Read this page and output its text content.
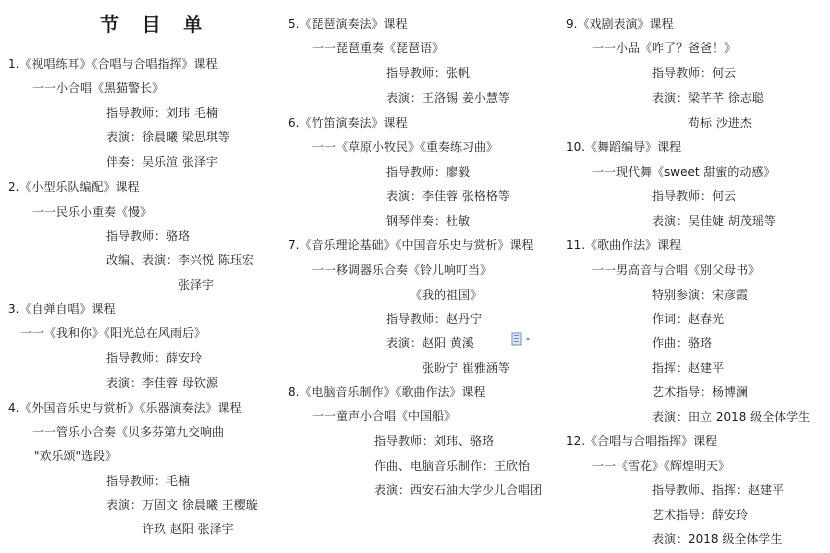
节 目 单
1.《视唱练耳》《合唱与合唱指挥》课程
一一小合唱《黑猫警长》
指导教师：刘玮 毛楠
表演：徐晨曦 梁思琪等
伴奏：吴乐渲 张泽宇
2.《小型乐队编配》课程
一一民乐小重奏《慢》
指导教师：骆珞
改编、表演：李兴悦 陈珏宏
张泽宇
3.《自弹自唱》课程
一一《我和你》《阳光总在风雨后》
指导教师：薛安玲
表演：李佳蓉 母钦源
4.《外国音乐史与赏析》《乐器演奏法》课程
一一管乐小合奏《贝多芬第九交响曲
"欢乐颂"选段》
指导教师：毛楠
表演：万固文 徐晨曦 王樱璇
许玖 赵阳 张泽宇
5.《琵琶演奏法》课程
一一琵琶重奏《琵琶语》
指导教师：张帆
表演：王洛锡 姜小慧等
6.《竹笛演奏法》课程
一一《草原小牧民》《重奏练习曲》
指导教师：廖毅
表演：李佳蓉 张格格等
钢琴伴奏：杜敏
7.《音乐理论基础》《中国音乐史与赏析》课程
一一移调器乐合奏《铃儿响叮当》
《我的祖国》
指导教师：赵丹宁
表演：赵阳 黄溪
张盼宁 崔雅涵等
8.《电脑音乐制作》《歌曲作法》课程
一一童声小合唱《中国船》
指导教师：刘玮、骆珞
作曲、电脑音乐制作：王欣怡
表演：西安石油大学少儿合唱团
9.《戏剧表演》课程
一一小品《咋了？爸爸！》
指导教师：何云
表演：梁芊芊 徐志聪
苟标 沙进杰
10.《舞蹈编导》课程
一一现代舞《sweet 甜蜜的动感》
指导教师：何云
表演：吴佳婕 胡茂瑶等
11.《歌曲作法》课程
一一男高音与合唱《别父母书》
特别参演：宋彦霞
作词：赵春光
作曲：骆珞
指挥：赵建平
艺术指导：杨博澜
表演：田立 2018 级全体学生
12.《合唱与合唱指挥》课程
一一《雪花》《辉煌明天》
指导教师、指挥：赵建平
艺术指导：薛安玲
表演：2018 级全体学生
